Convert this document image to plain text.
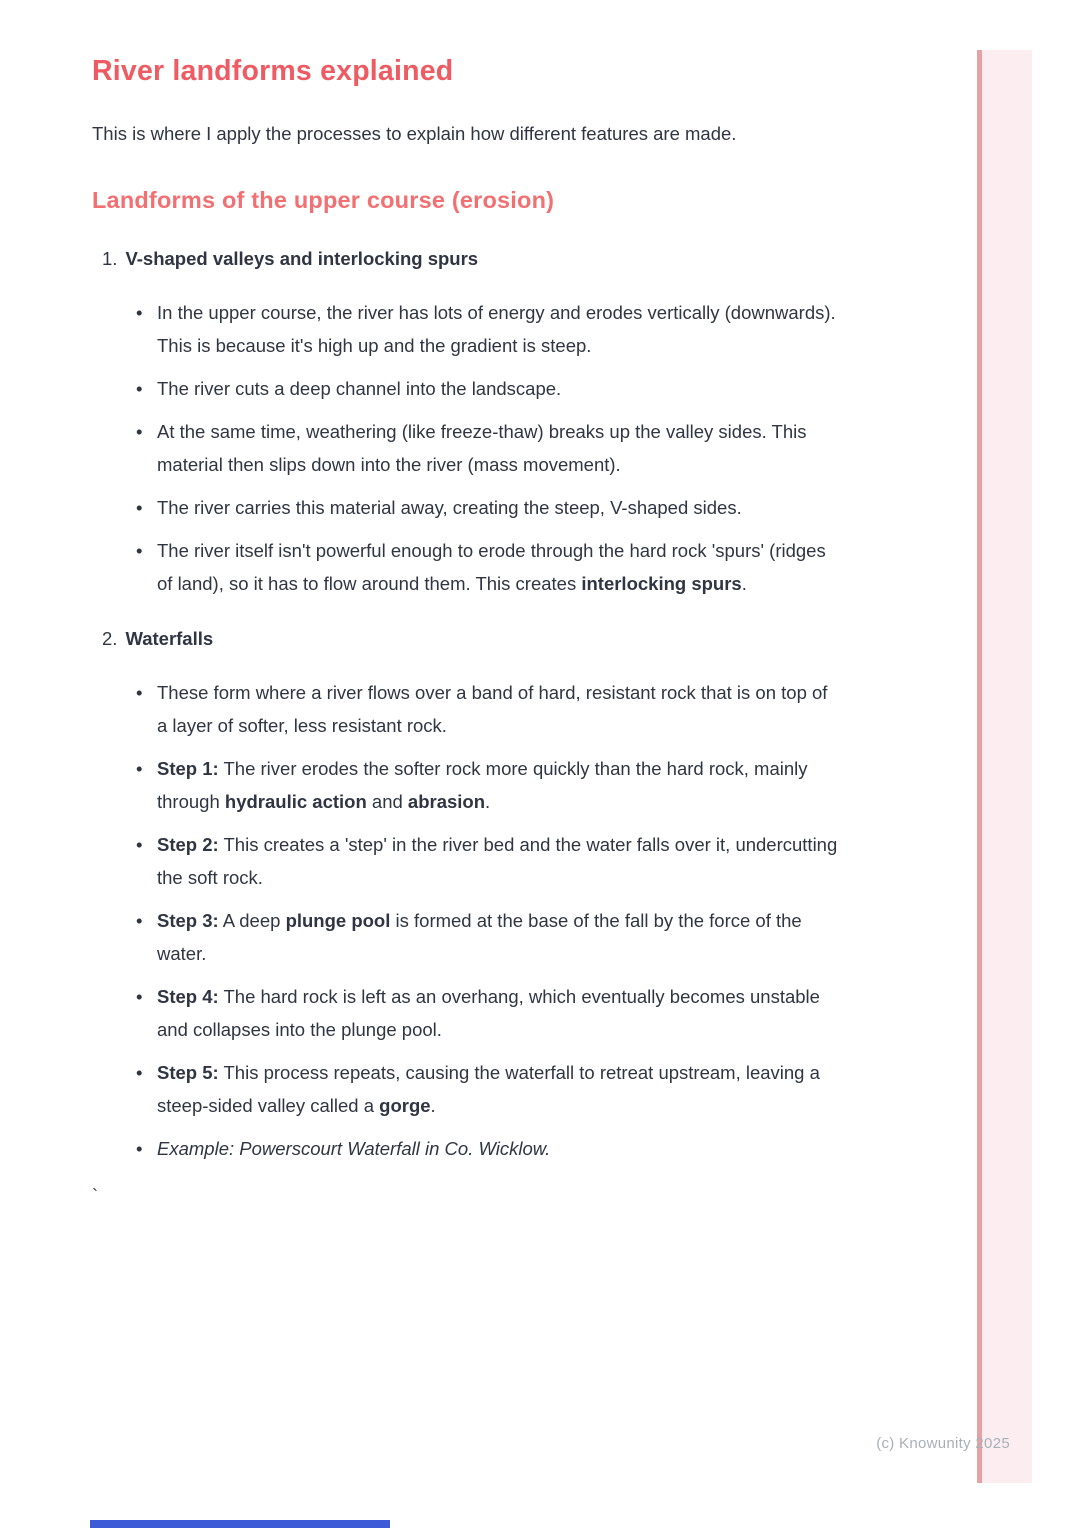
River landforms explained

This is where I apply the processes to explain how different features are made.

Landforms of the upper course (erosion)
1. V-shaped valleys and interlocking spurs
• In the upper course, the river has lots of energy and erodes vertically (downwards). This is because it's high up and the gradient is steep.
• The river cuts a deep channel into the landscape.
• At the same time, weathering (like freeze-thaw) breaks up the valley sides. This material then slips down into the river (mass movement).
• The river carries this material away, creating the steep, V-shaped sides.
• The river itself isn't powerful enough to erode through the hard rock 'spurs' (ridges of land), so it has to flow around them. This creates interlocking spurs.
2. Waterfalls
• These form where a river flows over a band of hard, resistant rock that is on top of a layer of softer, less resistant rock.
• Step 1: The river erodes the softer rock more quickly than the hard rock, mainly through hydraulic action and abrasion.
• Step 2: This creates a 'step' in the river bed and the water falls over it, undercutting the soft rock.
• Step 3: A deep plunge pool is formed at the base of the fall by the force of the water.
• Step 4: The hard rock is left as an overhang, which eventually becomes unstable and collapses into the plunge pool.
• Step 5: This process repeats, causing the waterfall to retreat upstream, leaving a steep-sided valley called a gorge.
• Example: Powerscourt Waterfall in Co. Wicklow.
`
(c) Knowunity 2025
